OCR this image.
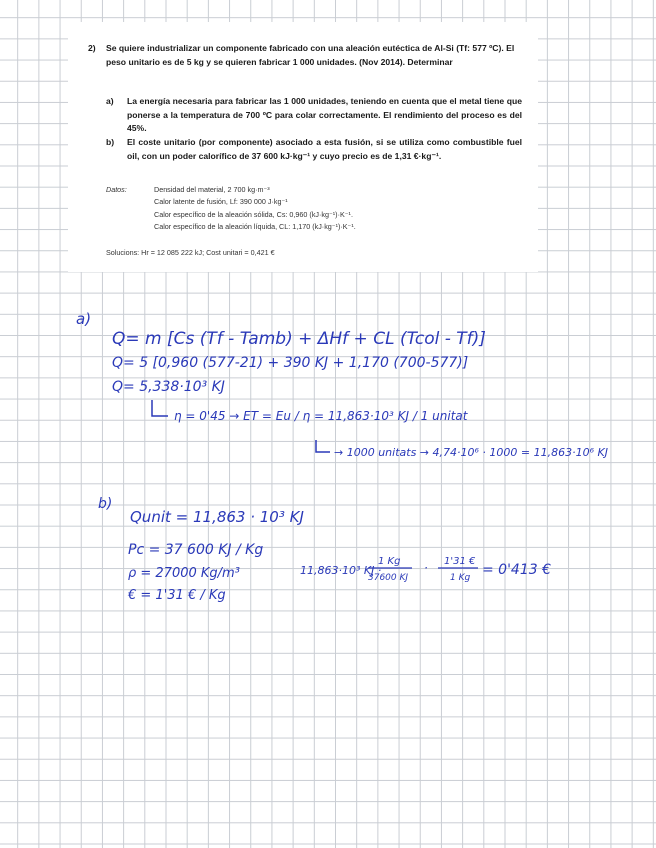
2) Se quiere industrializar un componente fabricado con una aleación eutéctica de Al-Si (Tf: 577 ºC). El peso unitario es de 5 kg y se quieren fabricar 1 000 unidades. (Nov 2014). Determinar
a) La energía necesaria para fabricar las 1 000 unidades, teniendo en cuenta que el metal tiene que ponerse a la temperatura de 700 ºC para colar correctamente. El rendimiento del proceso es del 45%.
b) El coste unitario (por componente) asociado a esta fusión, si se utiliza como combustible fuel oil, con un poder calorífico de 37 600 kJ·kg⁻¹ y cuyo precio es de 1,31 €·kg⁻¹.
Datos:	Densidad del material, 2 700 kg·m⁻³
Calor latente de fusión, Lf: 390 000 J·kg⁻¹
Calor específico de la aleación sólida, Cs: 0,960 (kJ·kg⁻¹)·K⁻¹.
Calor específico de la aleación líquida, CL: 1,170 (kJ·kg⁻¹)·K⁻¹.
Solucions: Hr = 12 085 222 kJ; Cost unitari = 0,421 €
a)
Q= m [Cs (Tf - Tamb) + ΔHf + CL (Tcol - Tf)]
Q= 5 [0,960 (577-21) + 390 KJ + 1,170 (700-577)]
Q= 5,338·10³ KJ
η = 0'45 → ET = Eu / η = 11,863·10³ KJ / 1 unitat
→ 1000 unitats → 4,74·10⁶ · 1000 = 11,863·10⁶ KJ
b)
Qunit = 11,863 · 10³ KJ
Pc = 37 600 KJ / Kg
ρ = 27000 Kg/m³
€ = 1'31 € / Kg
11,863·10³ KJ ·
1 Kg
37600 KJ
· 1'31 €
1 Kg = 0'413 €
